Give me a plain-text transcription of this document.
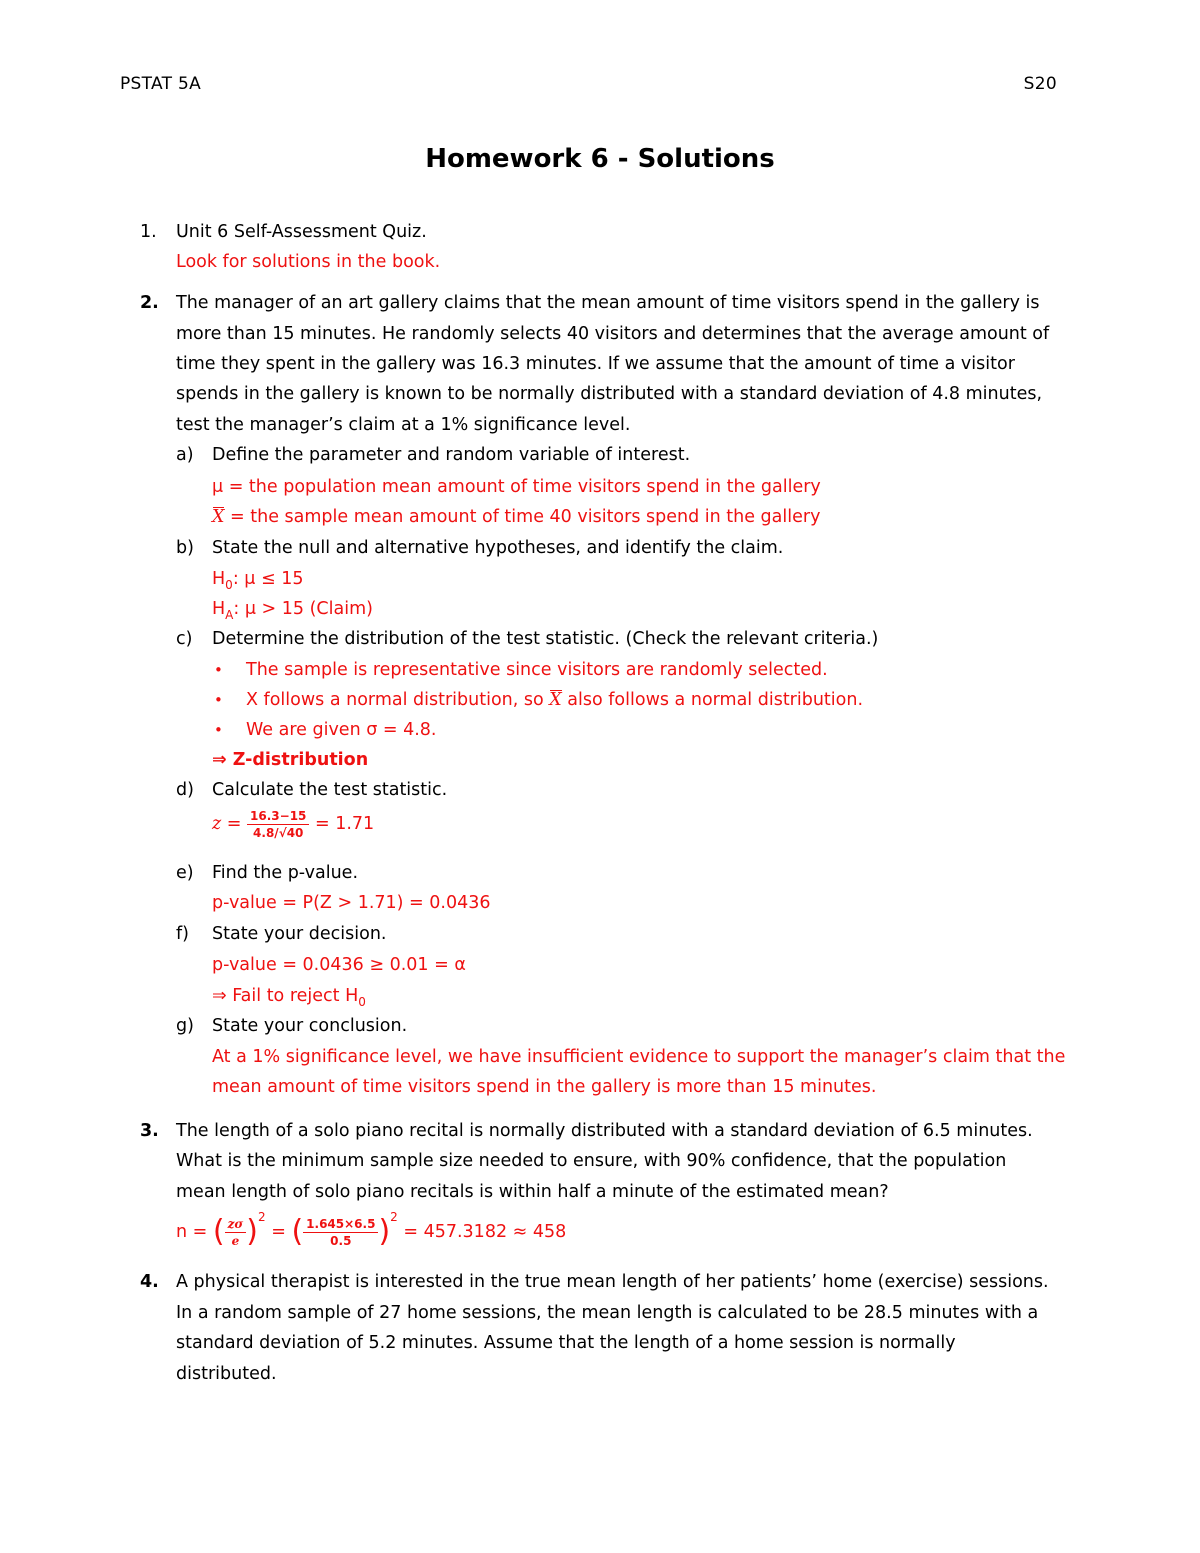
PSTAT 5A	S20
Homework 6 - Solutions
1. Unit 6 Self-Assessment Quiz.
Look for solutions in the book.
2. The manager of an art gallery claims that the mean amount of time visitors spend in the gallery is
more than 15 minutes. He randomly selects 40 visitors and determines that the average amount of
time they spent in the gallery was 16.3 minutes. If we assume that the amount of time a visitor
spends in the gallery is known to be normally distributed with a standard deviation of 4.8 minutes,
test the manager’s claim at a 1% significance level.
a) Define the parameter and random variable of interest.
μ = the population mean amount of time visitors spend in the gallery
X = the sample mean amount of time 40 visitors spend in the gallery
b) State the null and alternative hypotheses, and identify the claim.
$H_0$: μ ≤ 15
$H_A$: μ > 15 (Claim)
c) Determine the distribution of the test statistic. (Check the relevant criteria.)
• The sample is representative since visitors are randomly selected.
• X follows a normal distribution, so X also follows a normal distribution.
• We are given σ = 4.8.
⇒ Z-distribution
d) Calculate the test statistic.
$z = \frac{16.3-15}{4.8/√40} = 1.71$
e) Find the p-value.
p-value = P(Z > 1.71) = 0.0436
f) State your decision.
p-value = 0.0436 ≥ 0.01 = α
⇒ Fail to reject $H_0$
g) State your conclusion.
At a 1% significance level, we have insufficient evidence to support the manager’s claim that the
mean amount of time visitors spend in the gallery is more than 15 minutes.
3. The length of a solo piano recital is normally distributed with a standard deviation of 6.5 minutes.
What is the minimum sample size needed to ensure, with 90% confidence, that the population
mean length of solo piano recitals is within half a minute of the estimated mean?
n = ( $\frac{z\sigma}{e} )^2$ = ( $\frac{1.645\times 6.5}{0.5} )^2 = 457.3182 \approx 458$
4. A physical therapist is interested in the true mean length of her patients’ home (exercise) sessions.
In a random sample of 27 home sessions, the mean length is calculated to be 28.5 minutes with a
standard deviation of 5.2 minutes. Assume that the length of a home session is normally
distributed.
